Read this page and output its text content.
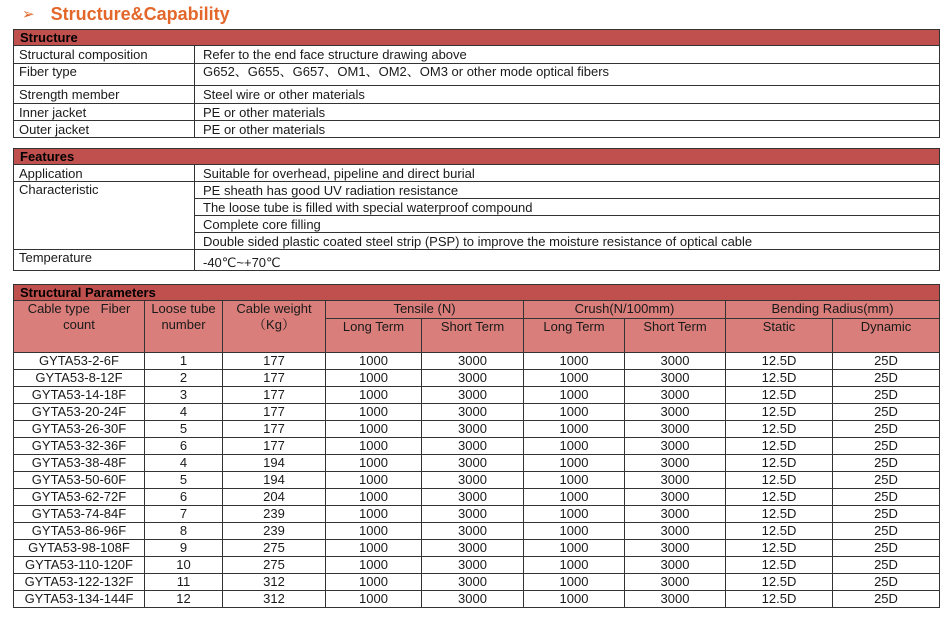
➢ Structure&Capability
Structure	
Structural composition	Refer to the end face structure drawing above
Fiber type	G652、G655、G657、OM1、OM2、OM3 or other mode optical fibers
Strength member	Steel wire or other materials
Inner jacket	PE or other materials
Outer jacket	PE or other materials
Features	
Application	Suitable for overhead, pipeline and direct burial
Characteristic	PE sheath has good UV radiation resistance
	The loose tube is filled with special waterproof compound
	Complete core filling
	Double sided plastic coated steel strip (PSP) to improve the moisture resistance of optical cable
Temperature	-40℃~+70℃
Structural Parameters								
Cable type   Fiber count	Loose tube number	Cable weight （Kg）	Tensile (N)		Crush(N/100mm)		Bending Radius(mm)	
			Long Term	Short Term	Long Term	Short Term	Static	Dynamic
GYTA53-2-6F	1	177	1000	3000	1000	3000	12.5D	25D
GYTA53-8-12F	2	177	1000	3000	1000	3000	12.5D	25D
GYTA53-14-18F	3	177	1000	3000	1000	3000	12.5D	25D
GYTA53-20-24F	4	177	1000	3000	1000	3000	12.5D	25D
GYTA53-26-30F	5	177	1000	3000	1000	3000	12.5D	25D
GYTA53-32-36F	6	177	1000	3000	1000	3000	12.5D	25D
GYTA53-38-48F	4	194	1000	3000	1000	3000	12.5D	25D
GYTA53-50-60F	5	194	1000	3000	1000	3000	12.5D	25D
GYTA53-62-72F	6	204	1000	3000	1000	3000	12.5D	25D
GYTA53-74-84F	7	239	1000	3000	1000	3000	12.5D	25D
GYTA53-86-96F	8	239	1000	3000	1000	3000	12.5D	25D
GYTA53-98-108F	9	275	1000	3000	1000	3000	12.5D	25D
GYTA53-110-120F	10	275	1000	3000	1000	3000	12.5D	25D
GYTA53-122-132F	11	312	1000	3000	1000	3000	12.5D	25D
GYTA53-134-144F	12	312	1000	3000	1000	3000	12.5D	25D
